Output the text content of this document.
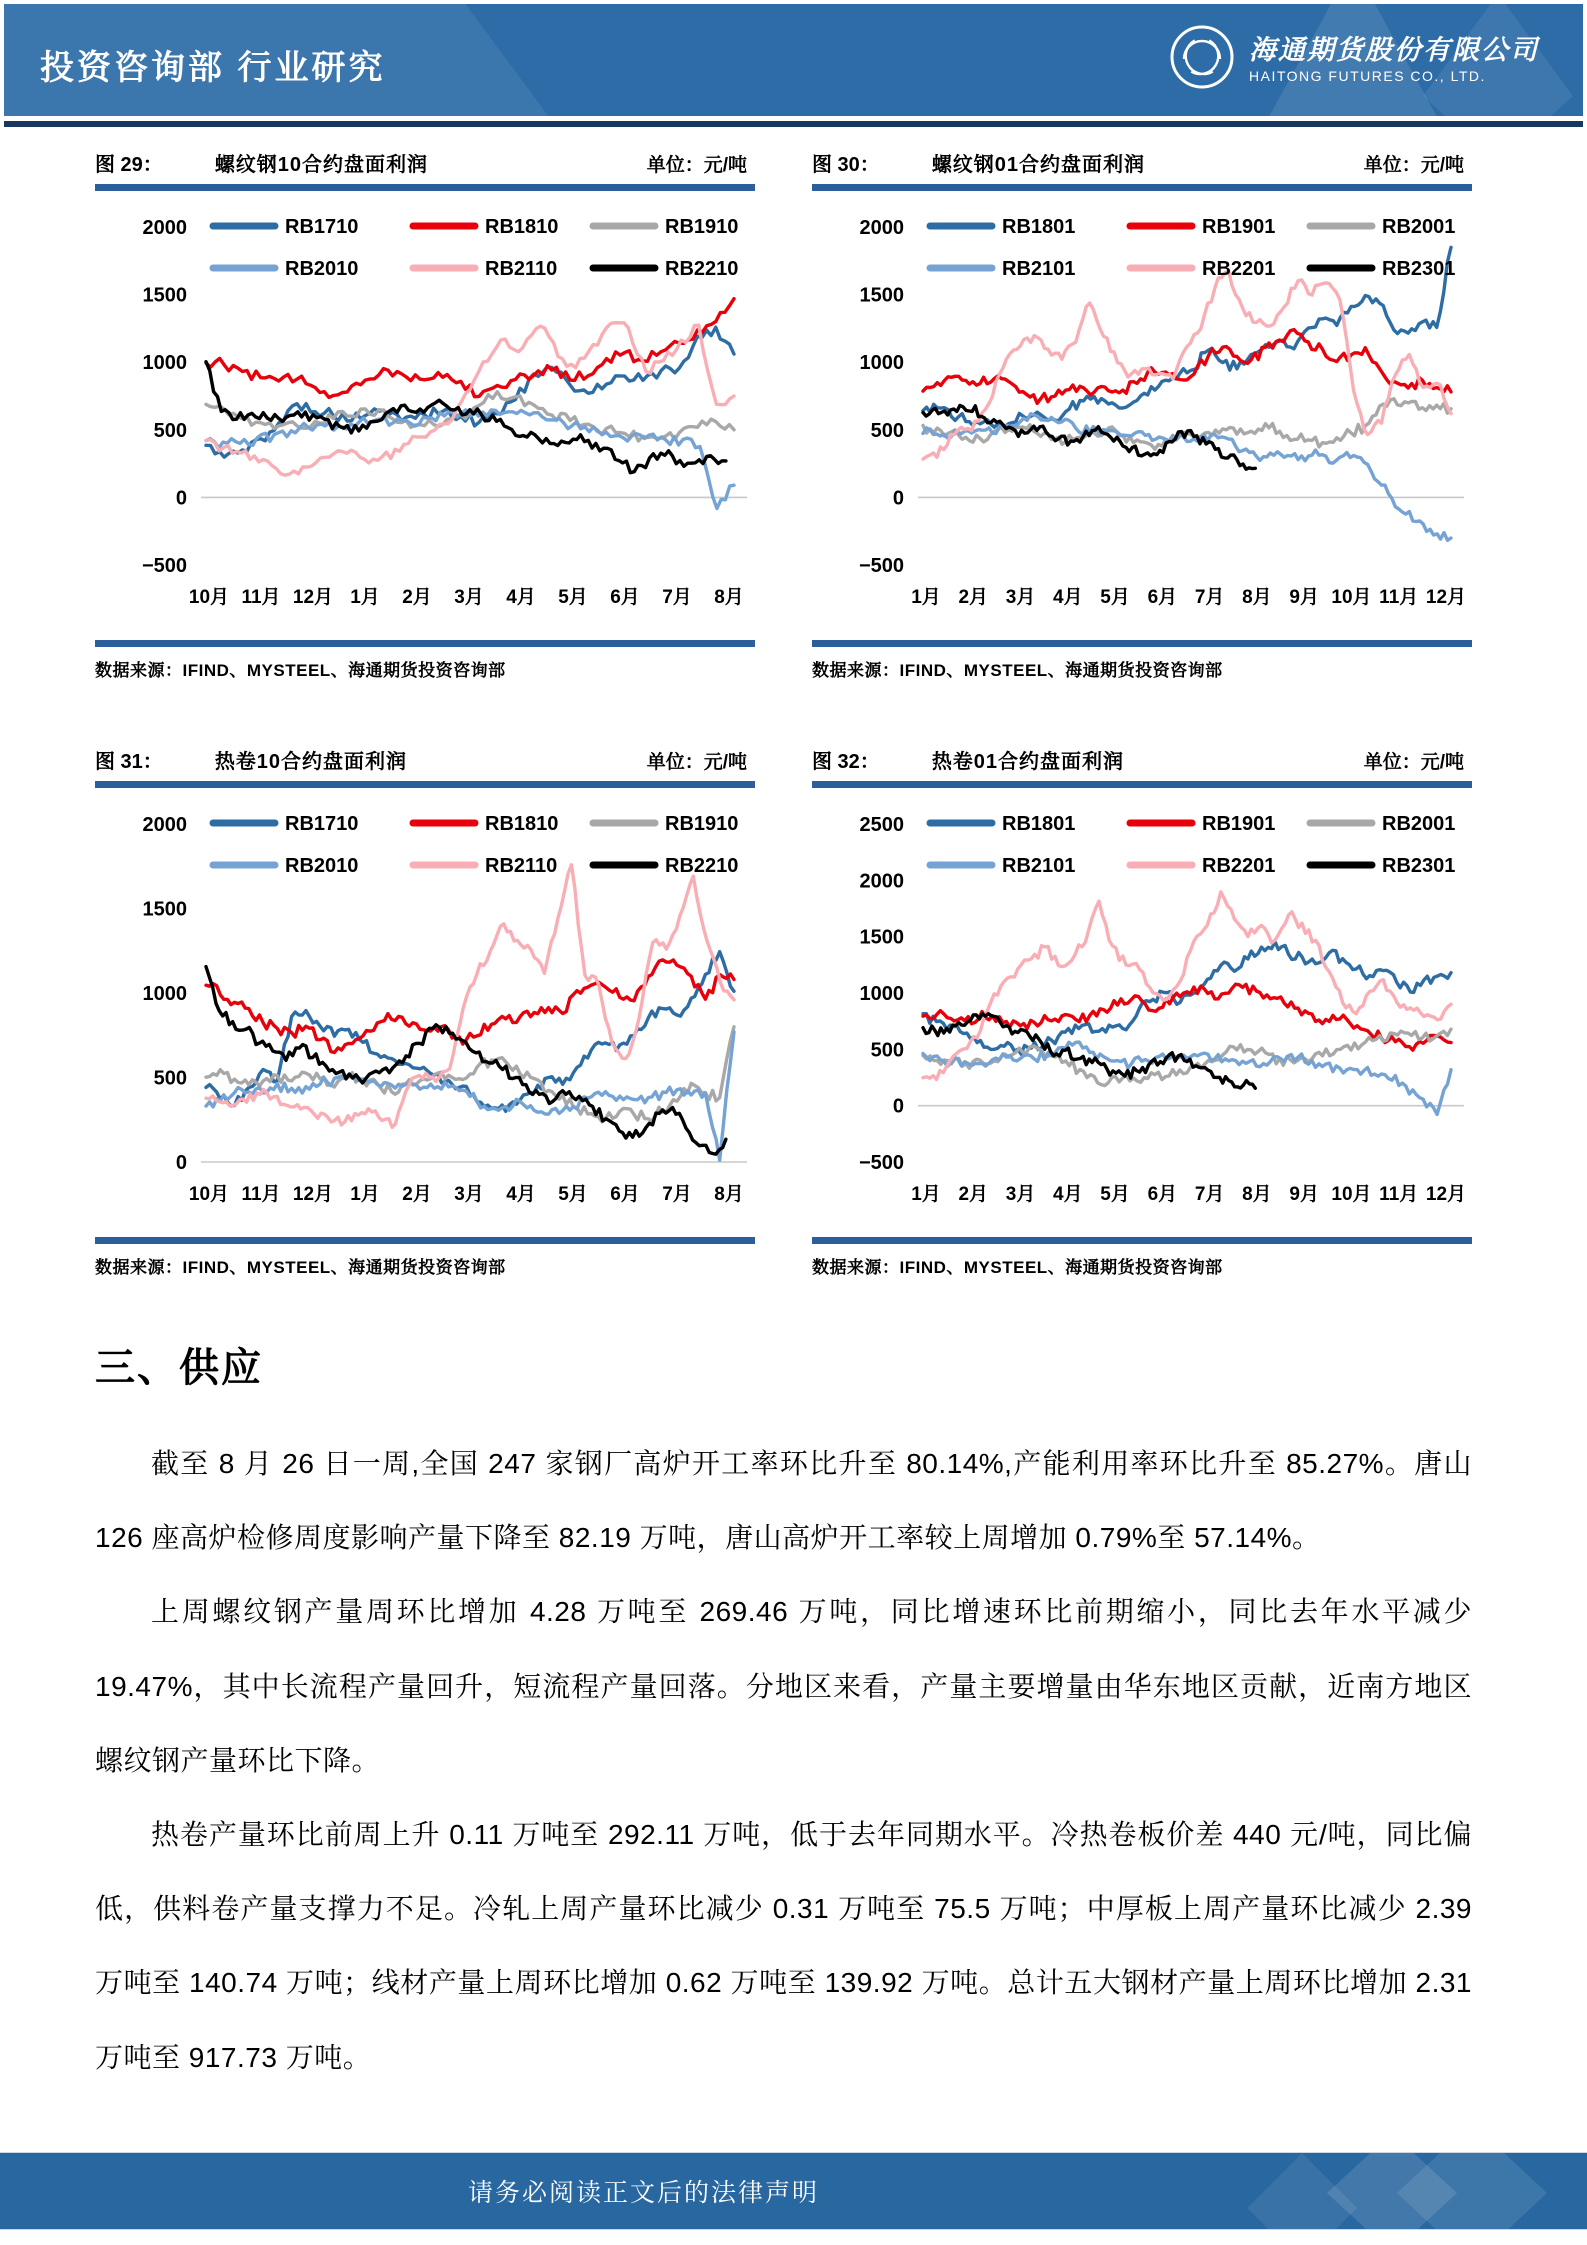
投资咨询部 行业研究	海通期货股份有限公司
HAITONG FUTURES CO., LTD.
图 29：	螺纹钢10合约盘面利润	单位：元/吨
2000
1500
1000
500
0
−500
10月 11月 12月 1月 2月 3月 4月 5月 6月 7月 8月
RB1710	RB1810	RB1910
RB2010	RB2110	RB2210
数据来源：IFIND、MYSTEEL、海通期货投资咨询部
图 30：	螺纹钢01合约盘面利润	单位：元/吨
2000
1500
1000
500
0
−500
1月 2月 3月 4月 5月 6月 7月 8月 9月 10月 11月 12月
RB1801	RB1901	RB2001
RB2101	RB2201	RB2301
数据来源：IFIND、MYSTEEL、海通期货投资咨询部
图 31：	热卷10合约盘面利润	单位：元/吨
2000
1500
1000
500
0
10月 11月 12月 1月 2月 3月 4月 5月 6月 7月 8月
RB1710	RB1810	RB1910
RB2010	RB2110	RB2210
数据来源：IFIND、MYSTEEL、海通期货投资咨询部
图 32：	热卷01合约盘面利润	单位：元/吨
2500
2000
1500
1000
500
0
−500
1月 2月 3月 4月 5月 6月 7月 8月 9月 10月 11月 12月
RB1801	RB1901	RB2001
RB2101	RB2201	RB2301
数据来源：IFIND、MYSTEEL、海通期货投资咨询部
三、供应

截至 8 月 26 日一周,全国 247 家钢厂高炉开工率环比升至 80.14%,产能利用率环比升至 85.27%。唐山 126 座高炉检修周度影响产量下降至 82.19 万吨，唐山高炉开工率较上周增加 0.79%至 57.14%。

上周螺纹钢产量周环比增加 4.28 万吨至 269.46 万吨，同比增速环比前期缩小，同比去年水平减少 19.47%，其中长流程产量回升，短流程产量回落。分地区来看，产量主要增量由华东地区贡献，近南方地区螺纹钢产量环比下降。

热卷产量环比前周上升 0.11 万吨至 292.11 万吨，低于去年同期水平。冷热卷板价差 440 元/吨，同比偏低，供料卷产量支撑力不足。冷轧上周产量环比减少 0.31 万吨至 75.5 万吨；中厚板上周产量环比减少 2.39 万吨至 140.74 万吨；线材产量上周环比增加 0.62 万吨至 139.92 万吨。总计五大钢材产量上周环比增加 2.31 万吨至 917.73 万吨。

请务必阅读正文后的法律声明
